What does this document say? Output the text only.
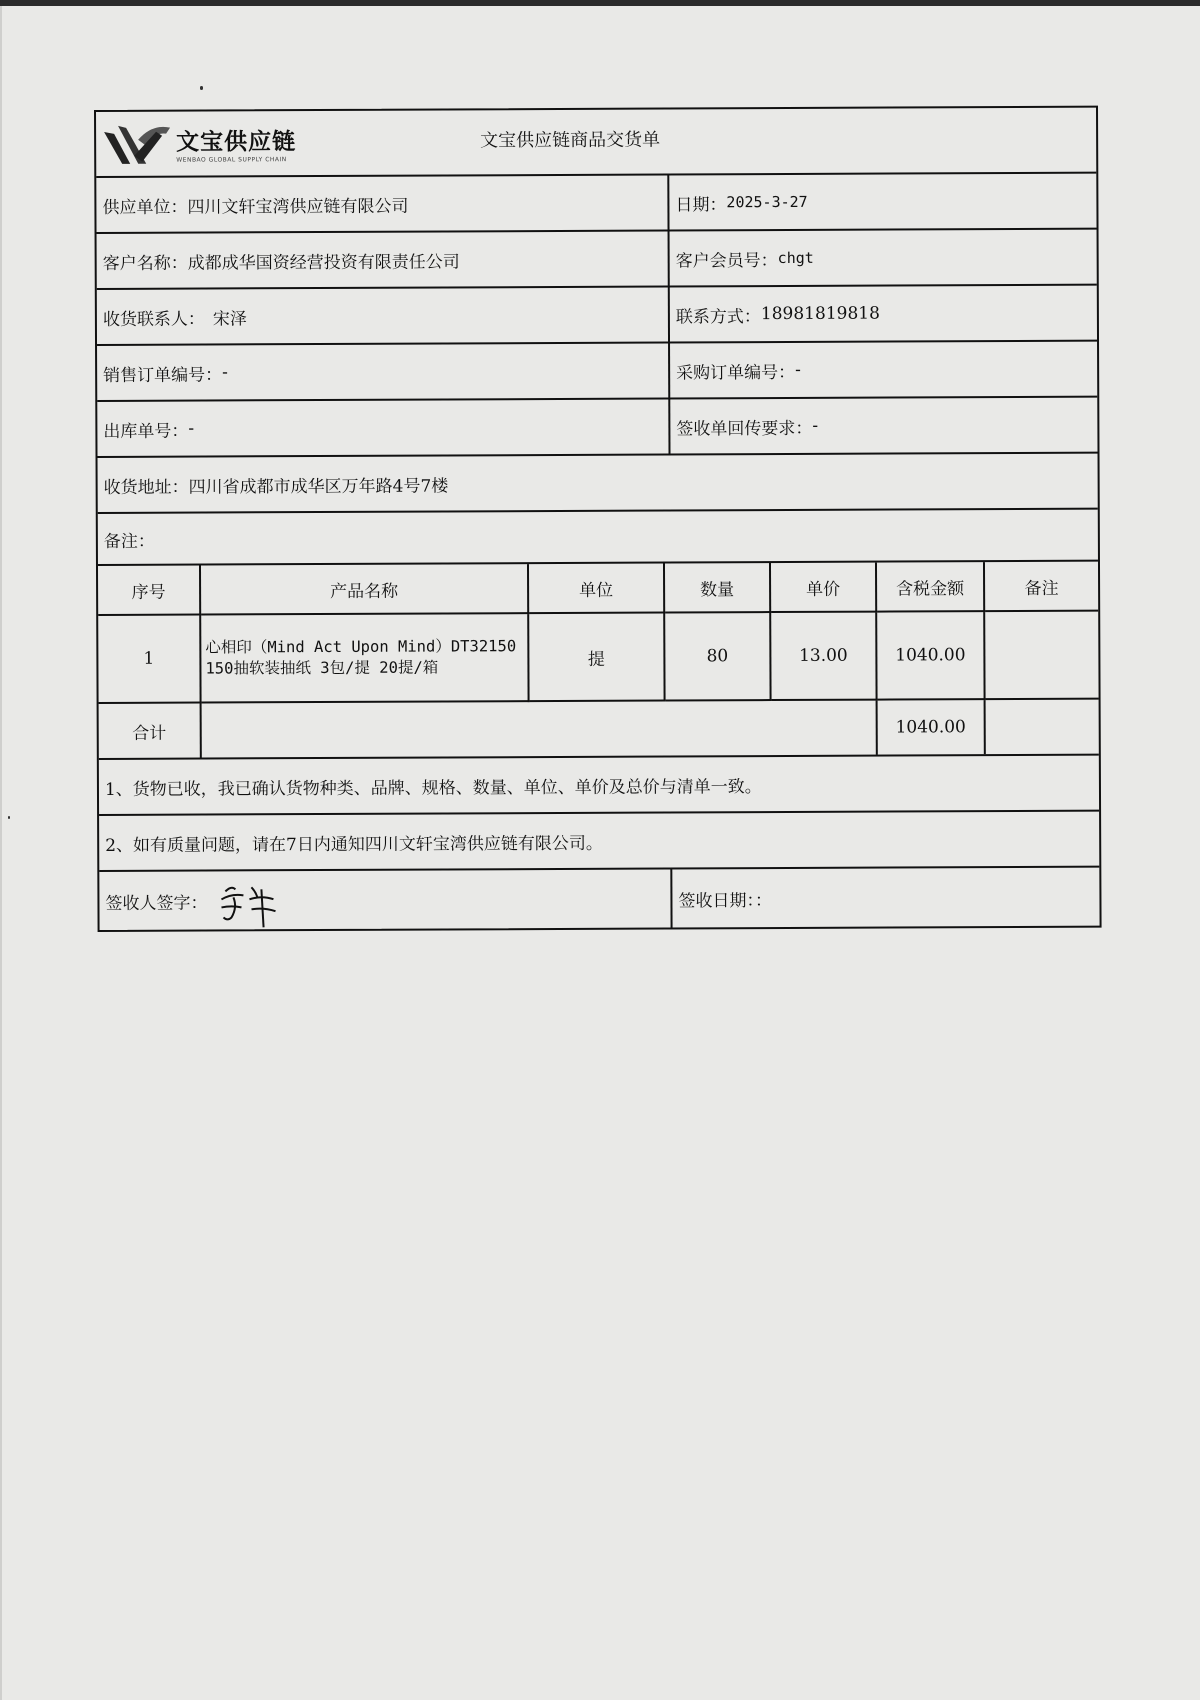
文宝供应链
WENBAO GLOBAL SUPPLY CHAIN
文宝供应链商品交货单
供应单位： 四川文轩宝湾供应链有限公司	日期： 2025-3-27
客户名称： 成都成华国资经营投资有限责任公司	客户会员号： chgt
收货联系人： 宋泽	联系方式： 18981819818
销售订单编号： -	采购订单编号： -
出库单号： -	签收单回传要求： -
收货地址： 四川省成都市成华区万年路4号7楼
备注：
序号	产品名称	单位	数量	单价	含税金额	备注
1	心相印（Mind Act Upon Mind）DT32150 150抽软装抽纸 3包/提 20提/箱	提	80	13.00	1040.00	
合计					1040.00	
1、货物已收，我已确认货物种类、品牌、规格、数量、单位、单价及总价与清单一致。
2、如有质量问题，请在7日内通知四川文轩宝湾供应链有限公司。
签收人签字：	签收日期：：
